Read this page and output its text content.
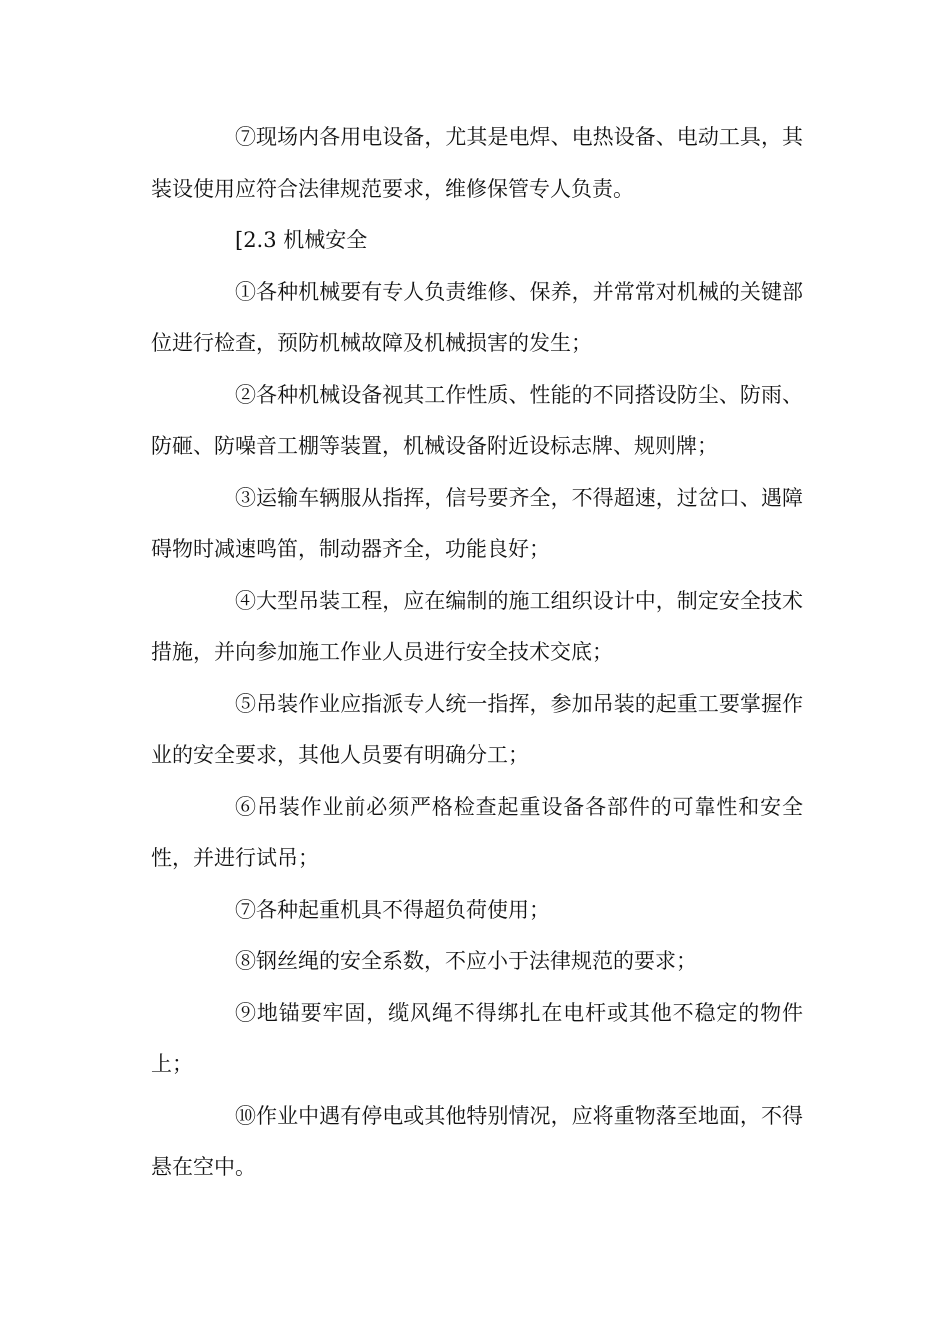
⑦现场内各用电设备，尤其是电焊、电热设备、电动工具，其装设使用应符合法律规范要求，维修保管专人负责。

[2.3 机械安全

①各种机械要有专人负责维修、保养，并常常对机械的关键部位进行检查，预防机械故障及机械损害的发生；

②各种机械设备视其工作性质、性能的不同搭设防尘、防雨、防砸、防噪音工棚等装置，机械设备附近设标志牌、规则牌；

③运输车辆服从指挥，信号要齐全，不得超速，过岔口、遇障碍物时减速鸣笛，制动器齐全，功能良好；

④大型吊装工程，应在编制的施工组织设计中，制定安全技术措施，并向参加施工作业人员进行安全技术交底；

⑤吊装作业应指派专人统一指挥，参加吊装的起重工要掌握作业的安全要求，其他人员要有明确分工；

⑥吊装作业前必须严格检查起重设备各部件的可靠性和安全性，并进行试吊；

⑦各种起重机具不得超负荷使用；

⑧钢丝绳的安全系数，不应小于法律规范的要求；

⑨地锚要牢固，缆风绳不得绑扎在电杆或其他不稳定的物件上；

⑩作业中遇有停电或其他特别情况，应将重物落至地面，不得悬在空中。
